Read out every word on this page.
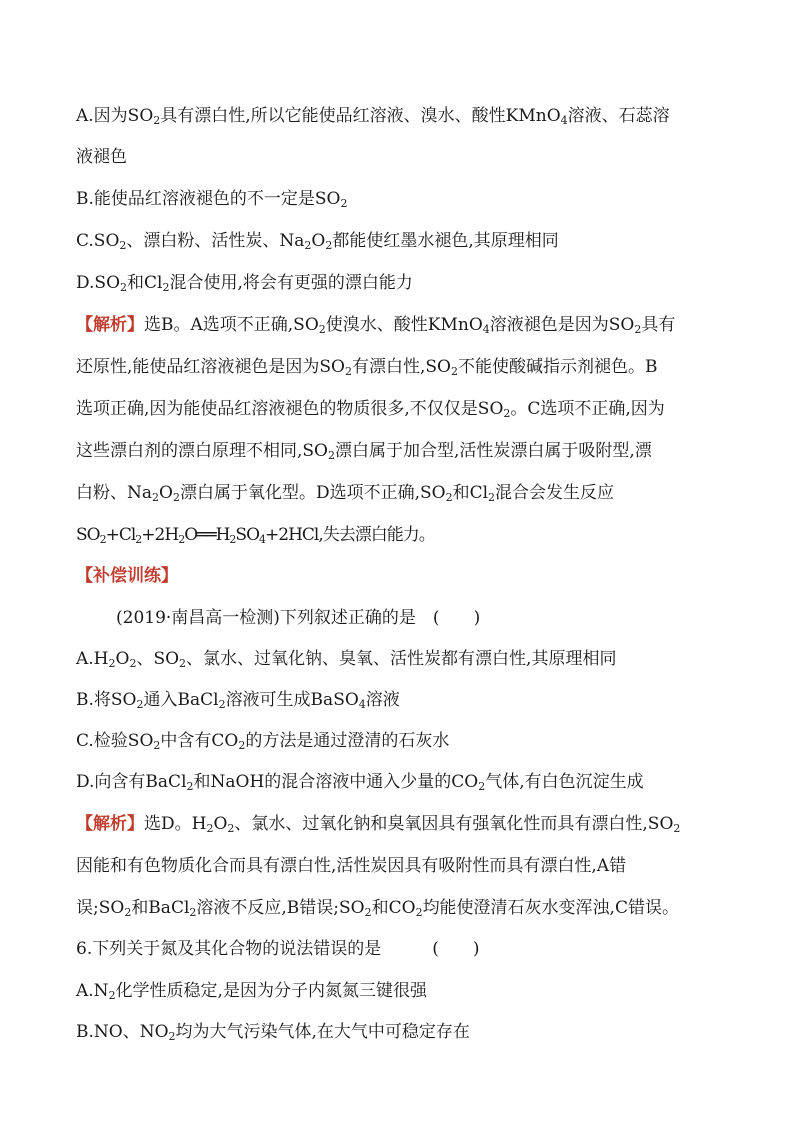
A.因为$SO_2$具有漂白性,所以它能使品红溶液、溴水、酸性KMnO$_4$溶液、石蕊溶
液褪色
B.能使品红溶液褪色的不一定是$SO_2$
$C.SO_2$、漂白粉、活性炭、$Na_2O_2$都能使红墨水褪色,其原理相同
$D.SO_2$和$Cl_2$混合使用,将会有更强的漂白能力
【解析】选B。A选项不正确$,SO_2$使溴水、酸性KMnO$_4$溶液褪色是因为$SO_2$具有
还原性,能使品红溶液褪色是因为$SO_2$有漂白性$,SO_2$不能使酸碱指示剂褪色。B
选项正确,因为能使品红溶液褪色的物质很多,不仅仅是$SO_2$。C选项不正确,因为
这些漂白剂的漂白原理不相同$,SO_2$漂白属于加合型,活性炭漂白属于吸附型,漂
白粉、$Na_2O_2$漂白属于氧化型。D选项不正确$,SO_2$和$Cl_2$混合会发生反应
$SO_2+Cl_2+2H_2O══H_2SO_4+2HCl$,失去漂白能力。
【补偿训练】
(2019·南昌高一检测)下列叙述正确的是　(　　)
$A.H_2O_2$、$SO_2$、氯水、过氧化钠、臭氧、活性炭都有漂白性,其原理相同
B.将$SO_2$通入BaCl$_2$溶液可生成BaSO$_4$溶液
C.检验$SO_2$中含有$CO_2$的方法是通过澄清的石灰水
D.向含有BaCl$_2$和NaOH的混合溶液中通入少量的$CO_2$气体,有白色沉淀生成
【解析】选D。$H_2O_2$、氯水、过氧化钠和臭氧因具有强氧化性而具有漂白性$,SO_2$
因能和有色物质化合而具有漂白性,活性炭因具有吸附性而具有漂白性,A错
误$;SO_2$和BaCl$_2$溶液不反应,B错误$;SO_2$和$CO_2$均能使澄清石灰水变浑浊,C错误。
6.下列关于氮及其化合物的说法错误的是　　　(　　)
$A.N_2$化学性质稳定,是因为分子内氮氮三键很强
B.NO、$NO_2$均为大气污染气体,在大气中可稳定存在
